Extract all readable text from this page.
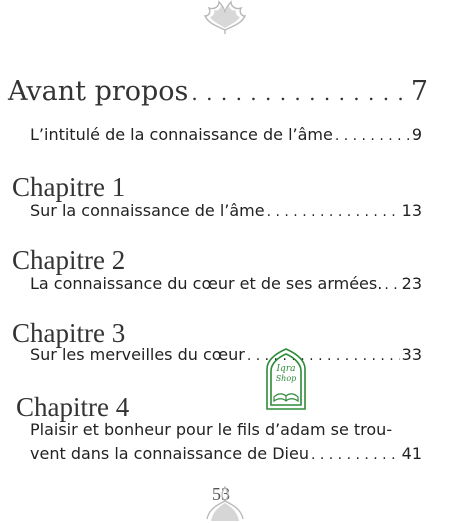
Avant propos . . .	7
L’intitulé de la connaissance de l’âme . . .	9
Chapitre 1
Sur la connaissance de l’âme . . .	13
Chapitre 2
La connaissance du cœur et de ses armées. . . . 23
Chapitre 3
Sur les merveilles du cœur . . .	33
Iqra
Shop
Chapitre 4
Plaisir et bonheur pour le fils d’adam se trou-
vent dans la connaissance de Dieu . . .	41
53
